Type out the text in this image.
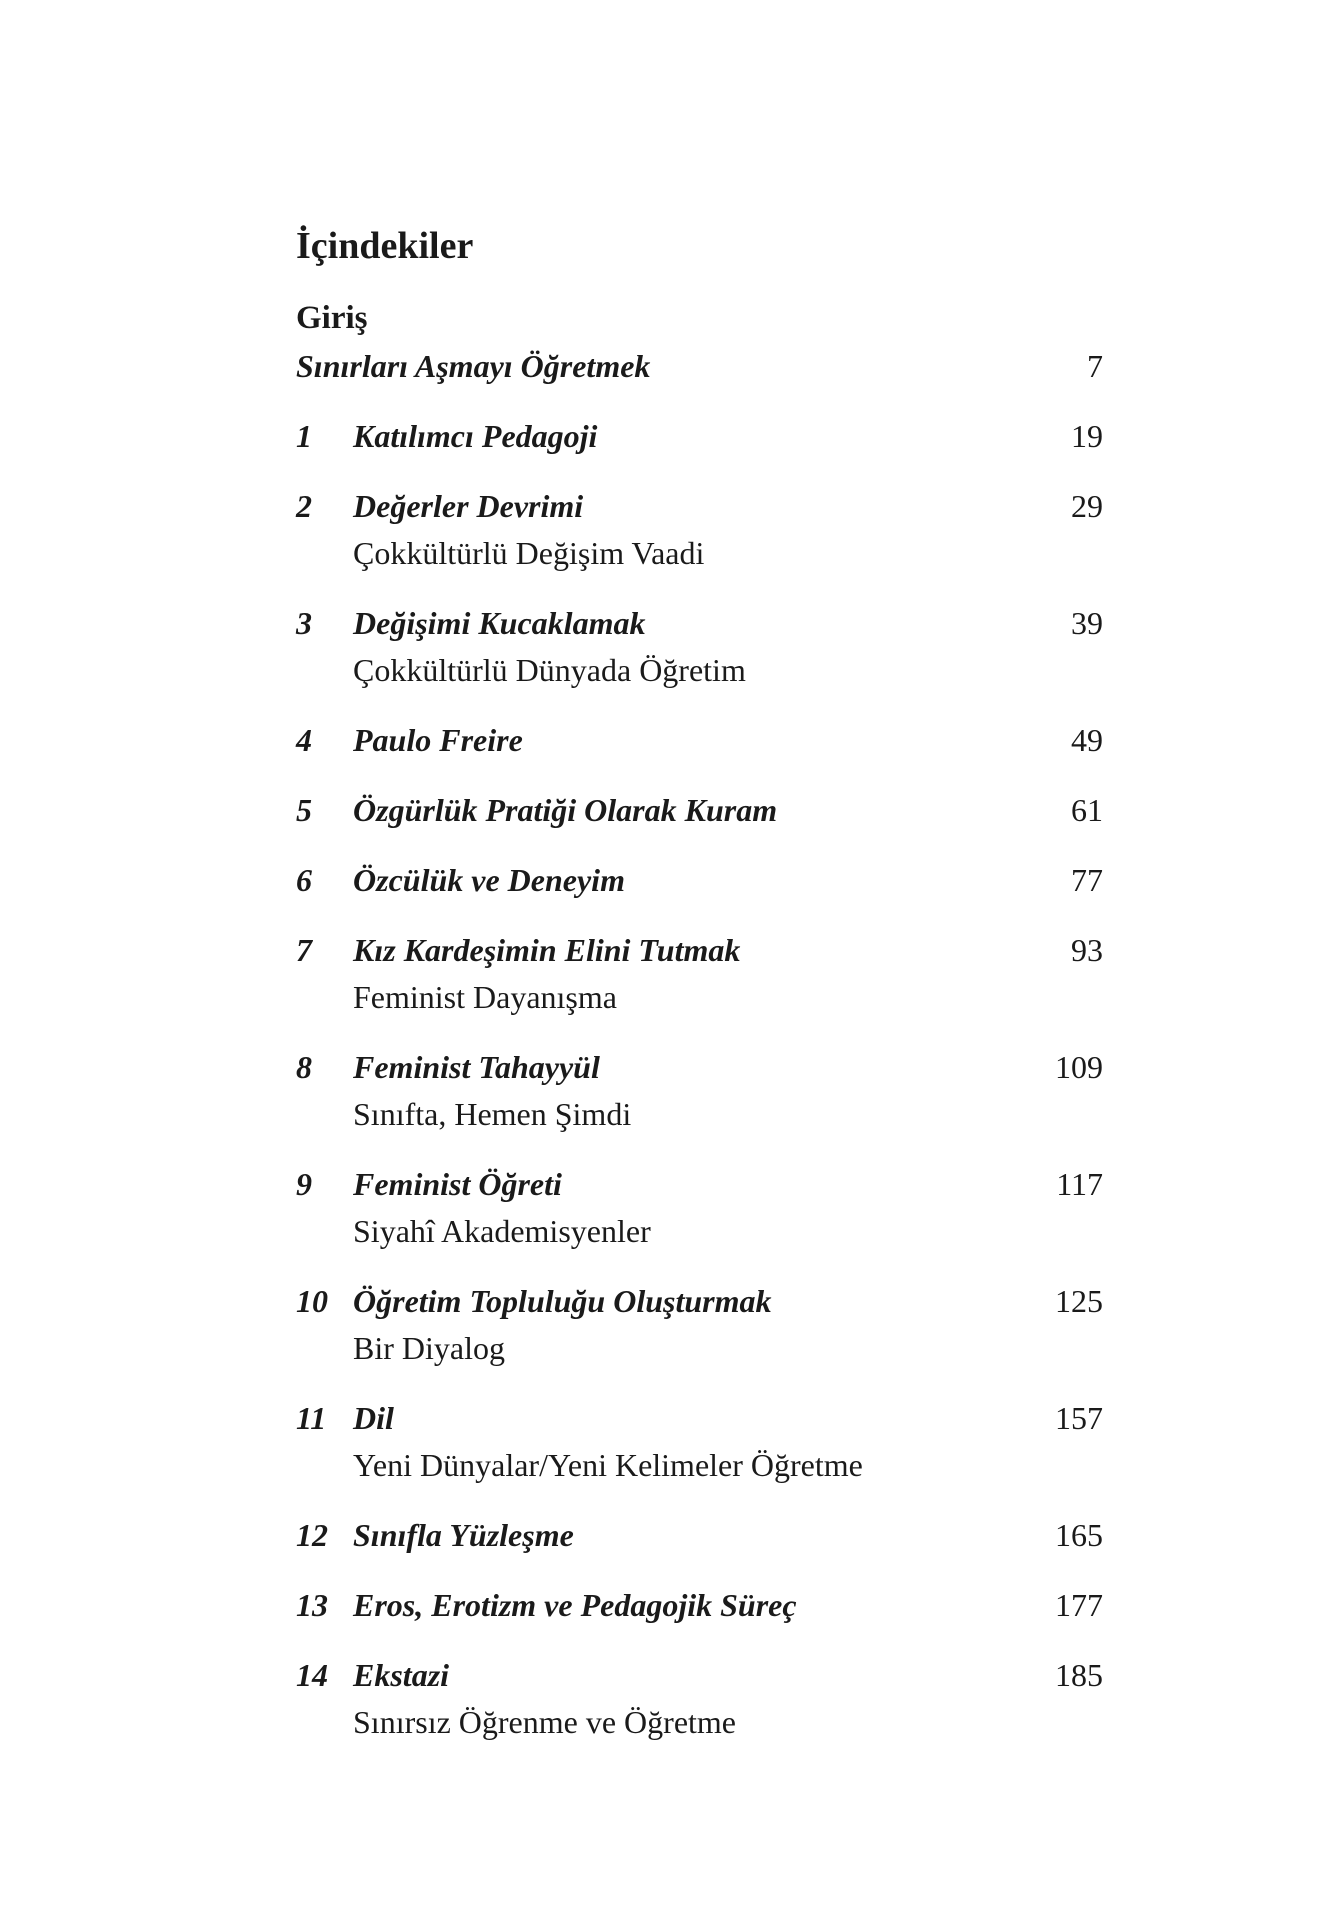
İçindekiler
Giriş
Sınırları Aşmayı Öğretmek	7
1 Katılımcı Pedagoji	19
2 Değerler Devrimi	29
Çokkültürlü Değişim Vaadi
3 Değişimi Kucaklamak	39
Çokkültürlü Dünyada Öğretim
4 Paulo Freire	49
5 Özgürlük Pratiği Olarak Kuram	61
6 Özcülük ve Deneyim	77
7 Kız Kardeşimin Elini Tutmak	93
Feminist Dayanışma
8 Feminist Tahayyül	109
Sınıfta, Hemen Şimdi
9 Feminist Öğreti	117
Siyahî Akademisyenler
10 Öğretim Topluluğu Oluşturmak	125
Bir Diyalog
11 Dil	157
Yeni Dünyalar/Yeni Kelimeler Öğretme
12 Sınıfla Yüzleşme	165
13 Eros, Erotizm ve Pedagojik Süreç	177
14 Ekstazi	185
Sınırsız Öğrenme ve Öğretme
